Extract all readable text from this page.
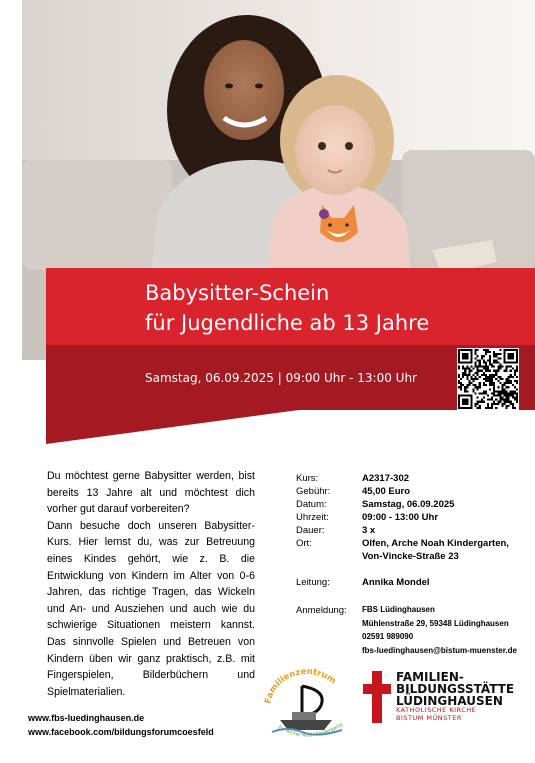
Babysitter-Schein
für Jugendliche ab 13 Jahre
Samstag, 06.09.2025 | 09:00 Uhr - 13:00 Uhr

Du möchtest gerne Babysitter werden, bist bereits 13 Jahre alt und möchtest dich vorher gut darauf vorbereiten?

Dann besuche doch unseren Babysitter-Kurs. Hier lernst du, was zur Betreuung eines Kindes gehört, wie z. B. die Entwicklung von Kindern im Alter von 0-6 Jahren, das richtige Tragen, das Wickeln und An- und Ausziehen und auch wie du schwierige Situationen meistern kannst. Das sinnvolle Spielen und Betreuen von Kindern üben wir ganz praktisch, z.B. mit Fingerspielen, Bilderbüchern und Spielmaterialien.

Kurs:	A2317-302
Gebühr:	45,00 Euro
Datum:	Samstag, 06.09.2025
Uhrzeit:	09:00 - 13:00 Uhr
Dauer:	3 x
Ort:	Olfen, Arche Noah Kindergarten,
Von-Vincke-Straße 23
Leitung:	Annika Mondel
Anmeldung:	FBS Lüdinghausen
Mühlenstraße 29, 59348 Lüdinghausen
02591 989090
fbs-luedinghausen@bistum-muenster.de
www.fbs-luedinghausen.de
www.facebook.com/bildungsforumcoesfeld
Familienzentrum
Ev. Arche Noah Kindergarte
FAMILIEN-
BILDUNGSSTÄTTE
LÜDINGHAUSEN
KATHOLISCHE KIRCHE
BISTUM MÜNSTER
